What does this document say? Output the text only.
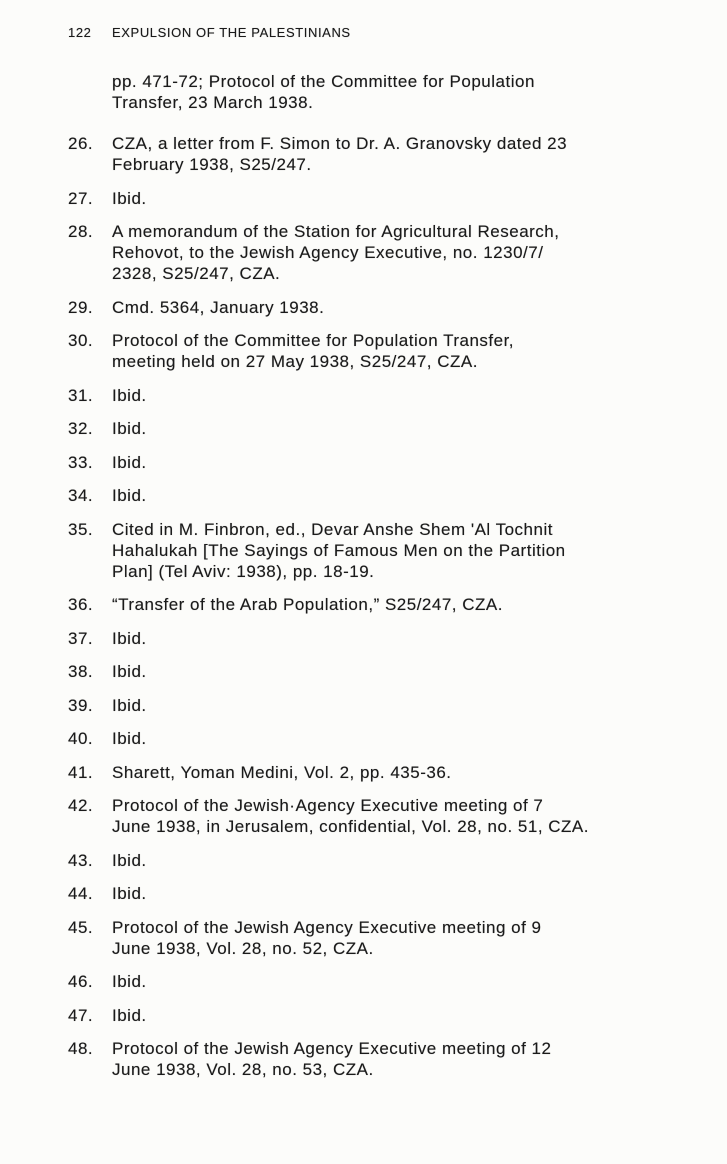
122	EXPULSION OF THE PALESTINIANS
pp. 471-72; Protocol of the Committee for Population
Transfer, 23 March 1938.
26.	CZA, a letter from F. Simon to Dr. A. Granovsky dated 23
February 1938, S25/247.
27.	Ibid.
28.	A memorandum of the Station for Agricultural Research,
Rehovot, to the Jewish Agency Executive, no. 1230/7/
2328, S25/247, CZA.
29.	Cmd. 5364, January 1938.
30.	Protocol of the Committee for Population Transfer,
meeting held on 27 May 1938, S25/247, CZA.
31.	Ibid.
32.	Ibid.
33.	Ibid.
34.	Ibid.
35.	Cited in M. Finbron, ed., Devar Anshe Shem 'Al Tochnit
Hahalukah [The Sayings of Famous Men on the Partition
Plan] (Tel Aviv: 1938), pp. 18-19.
36.	“Transfer of the Arab Population,” S25/247, CZA.
37.	Ibid.
38.	Ibid.
39.	Ibid.
40.	Ibid.
41.	Sharett, Yoman Medini, Vol. 2, pp. 435-36.
42.	Protocol of the Jewish·Agency Executive meeting of 7
June 1938, in Jerusalem, confidential, Vol. 28, no. 51, CZA.
43.	Ibid.
44.	Ibid.
45.	Protocol of the Jewish Agency Executive meeting of 9
June 1938, Vol. 28, no. 52, CZA.
46.	Ibid.
47.	Ibid.
48.	Protocol of the Jewish Agency Executive meeting of 12
June 1938, Vol. 28, no. 53, CZA.
